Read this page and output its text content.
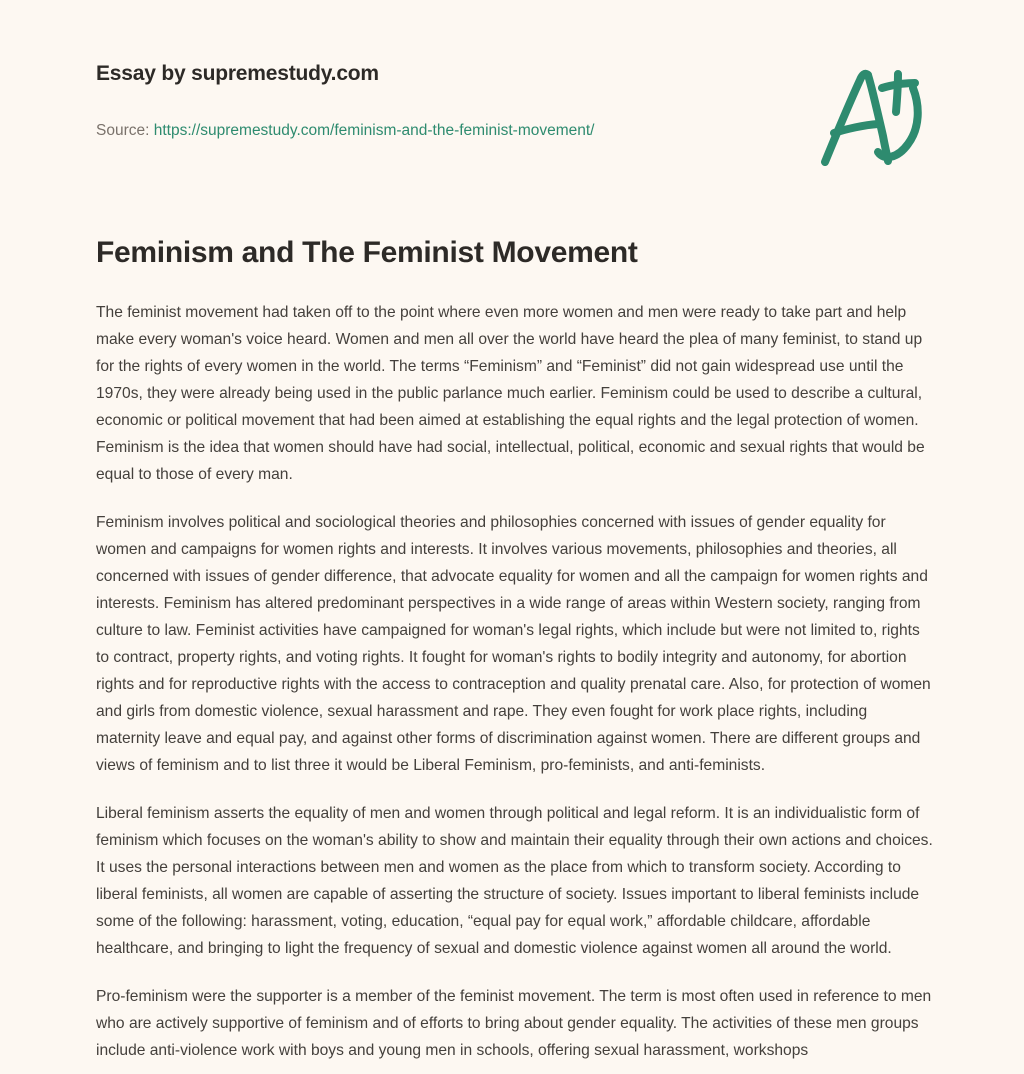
Essay by supremestudy.com
Source: https://supremestudy.com/feminism-and-the-feminist-movement/
Feminism and The Feminist Movement

The feminist movement had taken off to the point where even more women and men were ready to take part and help make every woman's voice heard. Women and men all over the world have heard the plea of many feminist, to stand up for the rights of every women in the world. The terms “Feminism” and “Feminist” did not gain widespread use until the 1970s, they were already being used in the public parlance much earlier. Feminism could be used to describe a cultural, economic or political movement that had been aimed at establishing the equal rights and the legal protection of women. Feminism is the idea that women should have had social, intellectual, political, economic and sexual rights that would be equal to those of every man.

Feminism involves political and sociological theories and philosophies concerned with issues of gender equality for women and campaigns for women rights and interests. It involves various movements, philosophies and theories, all concerned with issues of gender difference, that advocate equality for women and all the campaign for women rights and interests. Feminism has altered predominant perspectives in a wide range of areas within Western society, ranging from culture to law. Feminist activities have campaigned for woman's legal rights, which include but were not limited to, rights to contract, property rights, and voting rights. It fought for woman's rights to bodily integrity and autonomy, for abortion rights and for reproductive rights with the access to contraception and quality prenatal care. Also, for protection of women and girls from domestic violence, sexual harassment and rape. They even fought for work place rights, including maternity leave and equal pay, and against other forms of discrimination against women. There are different groups and views of feminism and to list three it would be Liberal Feminism, pro-feminists, and anti-feminists.

Liberal feminism asserts the equality of men and women through political and legal reform. It is an individualistic form of feminism which focuses on the woman's ability to show and maintain their equality through their own actions and choices. It uses the personal interactions between men and women as the place from which to transform society. According to liberal feminists, all women are capable of asserting the structure of society. Issues important to liberal feminists include some of the following: harassment, voting, education, “equal pay for equal work,” affordable childcare, affordable healthcare, and bringing to light the frequency of sexual and domestic violence against women all around the world.

Pro-feminism were the supporter is a member of the feminist movement. The term is most often used in reference to men who are actively supportive of feminism and of efforts to bring about gender equality. The activities of these men groups include anti-violence work with boys and young men in schools, offering sexual harassment, workshops
